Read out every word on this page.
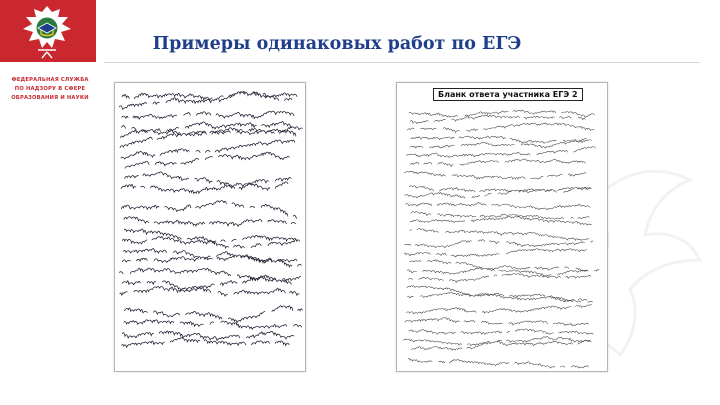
ФЕДЕРАЛЬНАЯ СЛУЖБА
ПО НАДЗОРУ В СФЕРЕ
ОБРАЗОВАНИЯ И НАУКИ
Примеры одинаковых работ по ЕГЭ
Бланк ответа участника ЕГЭ 2
